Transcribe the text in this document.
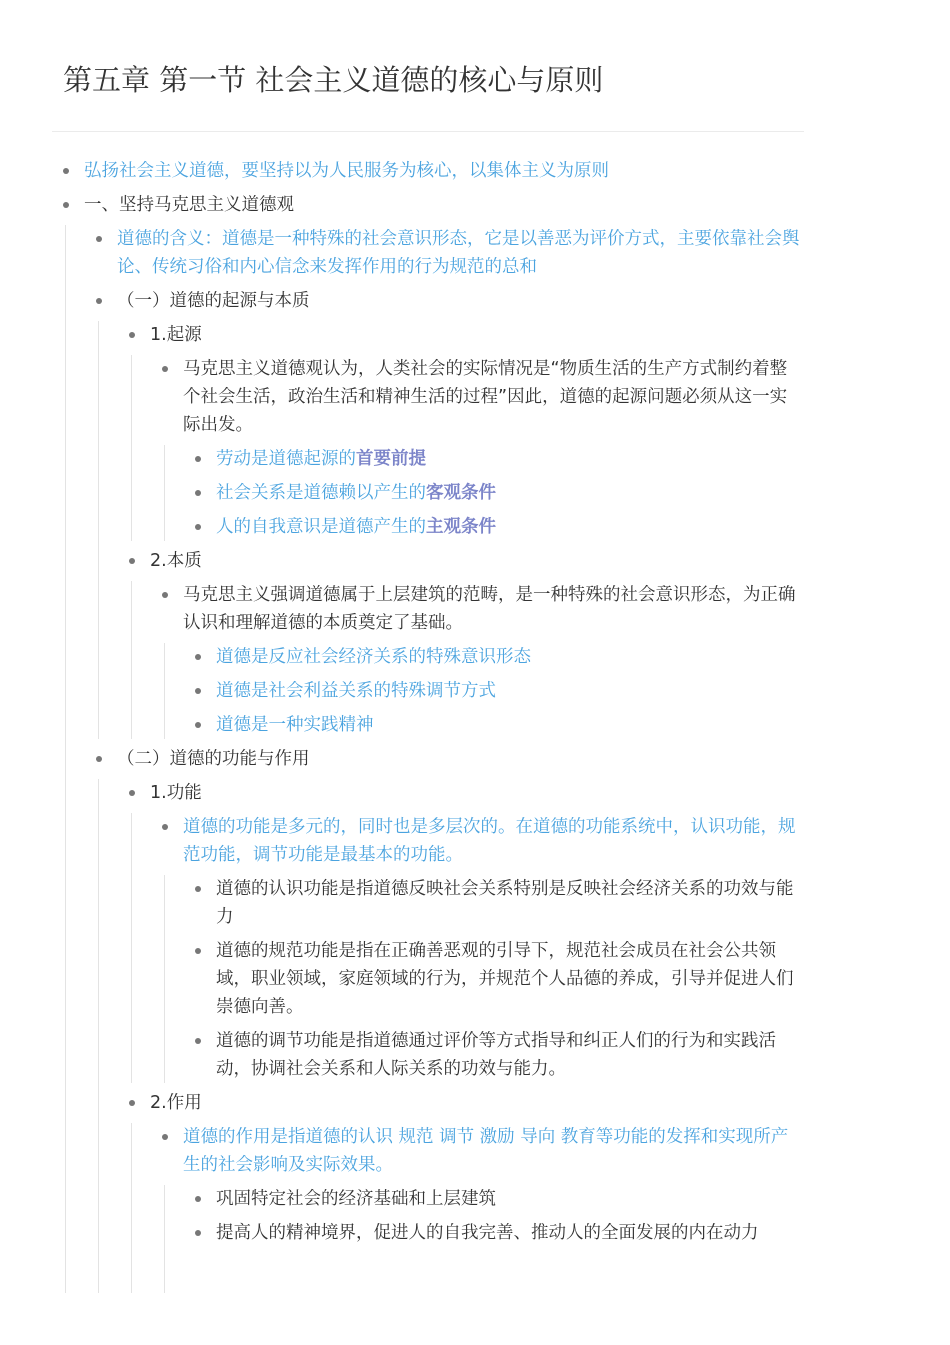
第五章 第一节 社会主义道德的核心与原则
弘扬社会主义道德，要坚持以为人民服务为核心，以集体主义为原则
一、坚持马克思主义道德观
道德的含义：道德是一种特殊的社会意识形态，它是以善恶为评价方式，主要依靠社会舆论、传统习俗和内心信念来发挥作用的行为规范的总和
（一）道德的起源与本质
1.起源
马克思主义道德观认为，人类社会的实际情况是“物质生活的生产方式制约着整个社会生活，政治生活和精神生活的过程”因此，道德的起源问题必须从这一实际出发。
劳动是道德起源的首要前提
社会关系是道德赖以产生的客观条件
人的自我意识是道德产生的主观条件
2.本质
马克思主义强调道德属于上层建筑的范畴，是一种特殊的社会意识形态，为正确认识和理解道德的本质奠定了基础。
道德是反应社会经济关系的特殊意识形态
道德是社会利益关系的特殊调节方式
道德是一种实践精神
（二）道德的功能与作用
1.功能
道德的功能是多元的，同时也是多层次的。在道德的功能系统中，认识功能，规范功能，调节功能是最基本的功能。
道德的认识功能是指道德反映社会关系特别是反映社会经济关系的功效与能力
道德的规范功能是指在正确善恶观的引导下，规范社会成员在社会公共领域，职业领域，家庭领域的行为，并规范个人品德的养成，引导并促进人们崇德向善。
道德的调节功能是指道德通过评价等方式指导和纠正人们的行为和实践活动，协调社会关系和人际关系的功效与能力。
2.作用
道德的作用是指道德的认识 规范 调节 激励 导向 教育等功能的发挥和实现所产生的社会影响及实际效果。
巩固特定社会的经济基础和上层建筑
提高人的精神境界，促进人的自我完善、推动人的全面发展的内在动力
